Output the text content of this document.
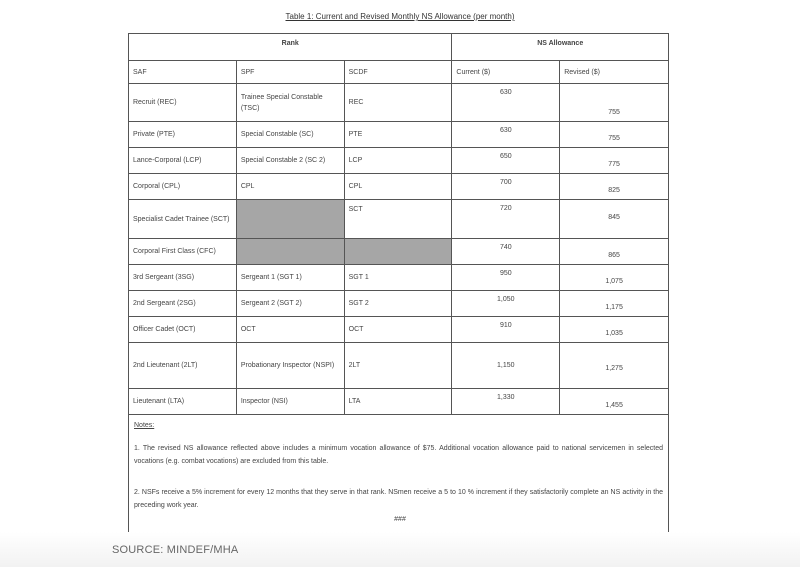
Table 1: Current and Revised Monthly NS Allowance (per month)
Rank			NS Allowance	
SAF	SPF	SCDF	Current ($)	Revised ($)
Recruit (REC)	Trainee Special Constable (TSC)	REC	630	755
Private (PTE)	Special Constable (SC)	PTE	630	755
Lance-Corporal (LCP)	Special Constable 2 (SC 2)	LCP	650	775
Corporal (CPL)	CPL	CPL	700	825
Specialist Cadet Trainee (SCT)		SCT	720	845
Corporal First Class (CFC)			740	865
3rd Sergeant (3SG)	Sergeant 1 (SGT 1)	SGT 1	950	1,075
2nd Sergeant (2SG)	Sergeant 2 (SGT 2)	SGT 2	1,050	1,175
Officer Cadet (OCT)	OCT	OCT	910	1,035
2nd Lieutenant (2LT)	Probationary Inspector (NSPI)	2LT	1,150	1,275
Lieutenant (LTA)	Inspector (NSI)	LTA	1,330	1,455

Notes:
1. The revised NS allowance reflected above includes a minimum vocation allowance of $75. Additional vocation allowance paid to national servicemen in selected vocations (e.g. combat vocations) are excluded from this table.
2. NSFs receive a 5% increment for every 12 months that they serve in that rank. NSmen receive a 5 to 10 % increment if they satisfactorily complete an NS activity in the preceding work year.				
###
SOURCE: MINDEF/MHA
